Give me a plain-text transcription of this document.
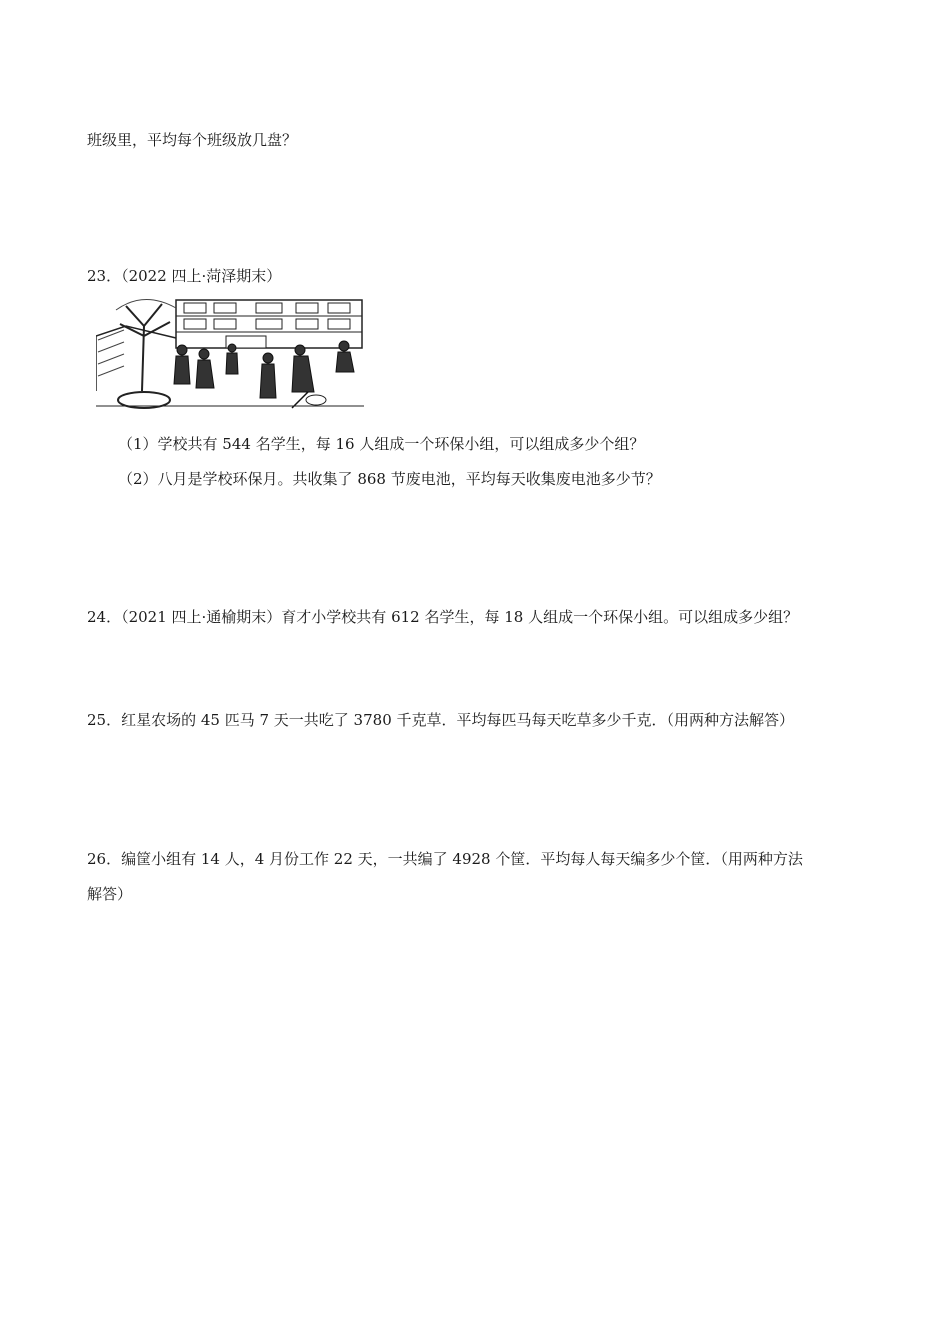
班级里，平均每个班级放几盘？
23．（2022 四上·菏泽期末）
（1）学校共有 544 名学生，每 16 人组成一个环保小组，可以组成多少个组？
（2）八月是学校环保月。共收集了 868 节废电池，平均每天收集废电池多少节？
24．（2021 四上·通榆期末）育才小学校共有 612 名学生，每 18 人组成一个环保小组。可以组成多少组？
25．红星农场的 45 匹马 7 天一共吃了 3780 千克草．平均每匹马每天吃草多少千克．（用两种方法解答）
26．编筐小组有 14 人，4 月份工作 22 天，一共编了 4928 个筐．平均每人每天编多少个筐．（用两种方法
解答）
